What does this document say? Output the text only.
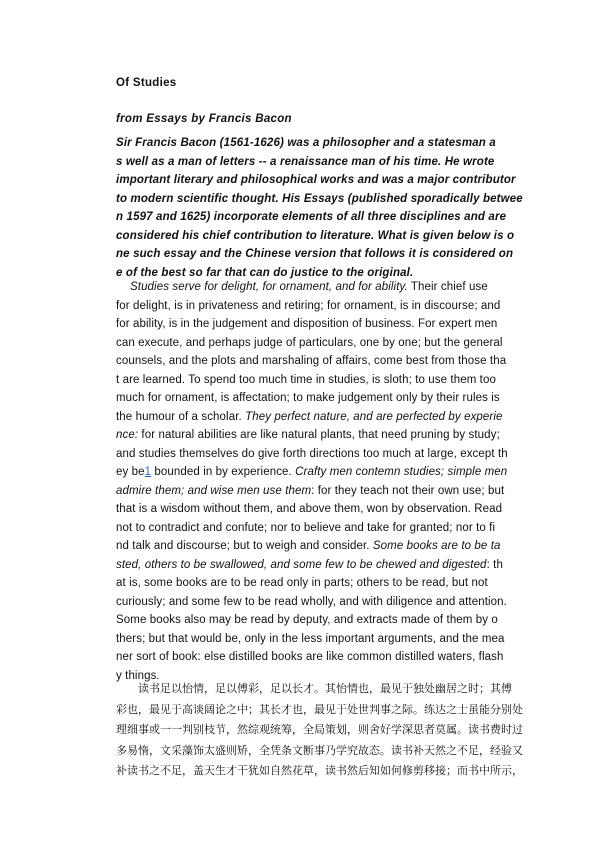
Of Studies
from Essays by Francis Bacon
Sir Francis Bacon (1561-1626) was a philosopher and a statesman a
s well as a man of letters -- a renaissance man of his time. He wrote
important literary and philosophical works and was a major contributor
to modern scientific thought. His Essays (published sporadically betwee
n 1597 and 1625) incorporate elements of all three disciplines and are
considered his chief contribution to literature. What is given below is o
ne such essay and the Chinese version that follows it is considered on
e of the best so far that can do justice to the original.
Studies serve for delight, for ornament, and for ability. Their chief use
for delight, is in privateness and retiring; for ornament, is in discourse; and
for ability, is in the judgement and disposition of business. For expert men
can execute, and perhaps judge of particulars, one by one; but the general
counsels, and the plots and marshaling of affairs, come best from those tha
t are learned. To spend too much time in studies, is sloth; to use them too
much for ornament, is affectation; to make judgement only by their rules is
the humour of a scholar. They perfect nature, and are perfected by experie
nce: for natural abilities are like natural plants, that need pruning by study;
and studies themselves do give forth directions too much at large, except th
ey be1 bounded in by experience. Crafty men contemn studies; simple men
admire them; and wise men use them: for they teach not their own use; but
that is a wisdom without them, and above them, won by observation. Read
not to contradict and confute; nor to believe and take for granted; nor to fi
nd talk and discourse; but to weigh and consider. Some books are to be ta
sted, others to be swallowed, and some few to be chewed and digested: th
at is, some books are to be read only in parts; others to be read, but not
curiously; and some few to be read wholly, and with diligence and attention.
Some books also may be read by deputy, and extracts made of them by o
thers; but that would be, only in the less important arguments, and the mea
ner sort of book: else distilled books are like common distilled waters, flash
y things.
　　读书足以怡情，足以傅彩，足以长才。其怡情也，最见于独处幽居之时；其傅
彩也，最见于高谈阔论之中；其长才也，最见于处世判事之际。练达之士虽能分别处
理细事或一一判别枝节，然综观统筹，全局策划，则舍好学深思者莫属。读书费时过
多易惰，文采藻饰太盛则矫，全凭条文断事乃学究故态。读书补天然之不足，经验又
补读书之不足，盖天生才干犹如自然花草，读书然后知如何修剪移接；而书中所示，
